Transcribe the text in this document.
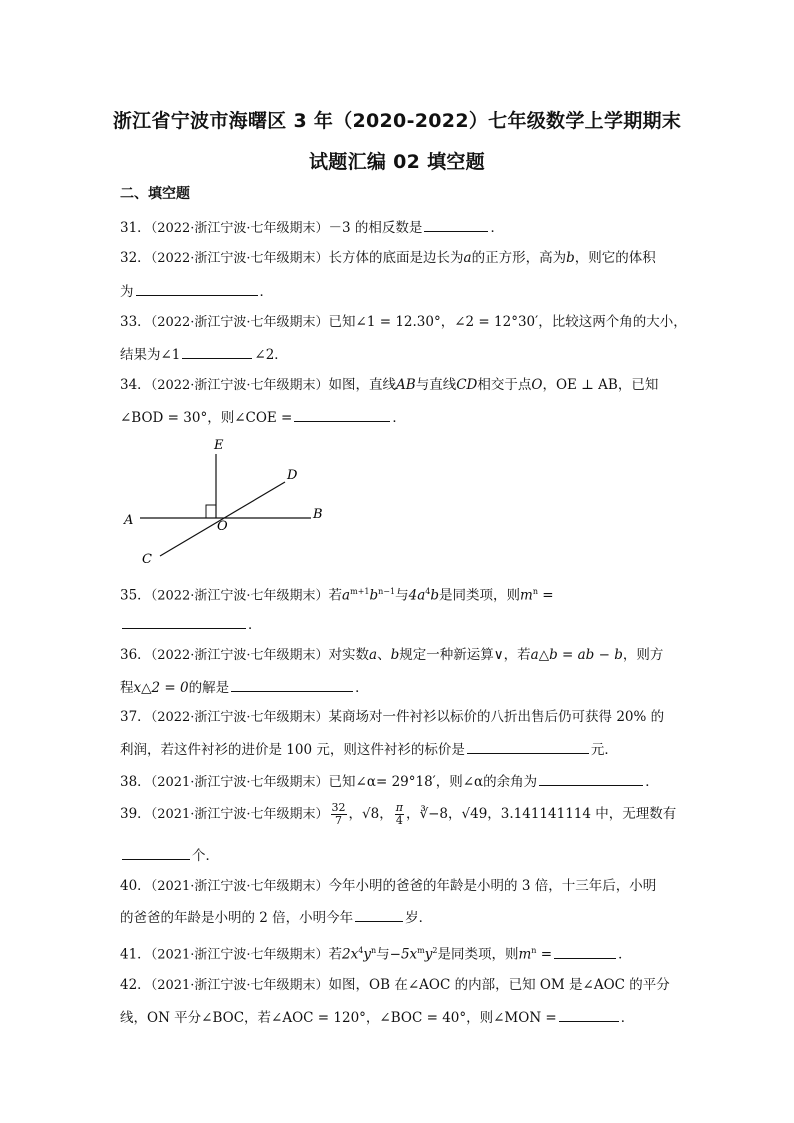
浙江省宁波市海曙区 3 年（2020-2022）七年级数学上学期期末
试题汇编 02 填空题
二、填空题
31．（2022·浙江宁波·七年级期末）－3 的相反数是	．
32．（2022·浙江宁波·七年级期末）长方体的底面是边长为a的正方形，高为b，则它的体积
为	．
33．（2022·浙江宁波·七年级期末）已知∠1 = 12.30°，∠2 = 12°30′，比较这两个角的大小，
结果为∠1	∠2．
34．（2022·浙江宁波·七年级期末）如图，直线AB与直线CD相交于点O，OE ⊥ AB，已知
∠BOD = 30°，则∠COE =	．
E
D
A	O
B
C
35．（2022·浙江宁波·七年级期末）若$a^{m+1}b^{n-1}$与$4a^4b$是同类项，则$m^n$ =
．
36．（2022·浙江宁波·七年级期末）对实数a、b规定一种新运算∨，若a△b = ab − b，则方
程x△2 = 0的解是	．
37．（2022·浙江宁波·七年级期末）某商场对一件衬衫以标价的八折出售后仍可获得 20% 的
利润，若这件衬衫的进价是 100 元，则这件衬衫的标价是	元．
38．（2021·浙江宁波·七年级期末）已知∠α= 29°18′，则∠α的余角为	．
39．（2021·浙江宁波·七年级期末） $\frac{32}{7}$ ，√8， $\frac{\pi}{4}$ ，∛−8，√49，3.141141114 中，无理数有
个．
40．（2021·浙江宁波·七年级期末）今年小明的爸爸的年龄是小明的 3 倍，十三年后，小明
的爸爸的年龄是小明的 2 倍，小明今年	岁．
41．（2021·浙江宁波·七年级期末）若$2x^4y^n$与$-5x^my^2$是同类项，则$m^n$ =	．
42．（2021·浙江宁波·七年级期末）如图，OB 在∠AOC 的内部，已知 OM 是∠AOC 的平分
线，ON 平分∠BOC，若∠AOC = 120°，∠BOC = 40°，则∠MON =	．
